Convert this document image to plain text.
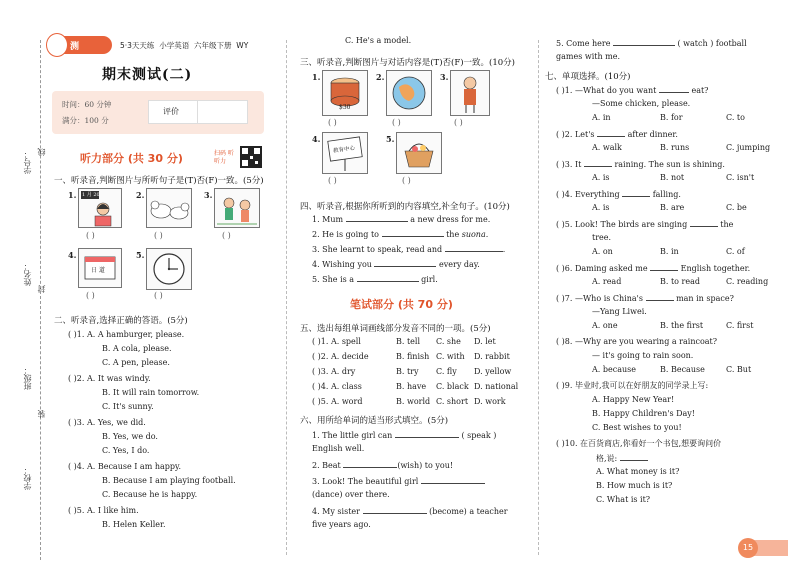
学号：
姓名：
班级：
学校：
线
封
装
测评卷
5·3天天练 小学英语 六年级下册 WY
期末测试(二)
时间：60 分钟
满分：100 分
评价
听力部分 (共 30 分)	扫码 听听力
一、听录音,判断图片与所听句子是(T)否(F)一致。(5分)
1. 1 月 20
( )
2.
( )
3.
( )
4.
日 道
( )
5.
( )
二、听录音,选择正确的答语。(5分)
( )1. A. A hamburger, please.
B. A cola, please.
C. A pen, please.
( )2. A. It was windy.
B. It will rain tomorrow.
C. It's sunny.
( )3. A. Yes, we did.
B. Yes, we do.
C. Yes, I do.
( )4. A. Because I am happy.
B. Because I am playing football.
C. Because he is happy.
( )5. A. I like him.
B. Helen Keller.
C. He's a model.
三、听录音,判断图片与对话内容是(T)否(F)一致。(10分)
1.
$30
( )
2.
( )
3.
( )
4.
教育中心
( )
5.
( )
四、听录音,根据你所听到的内容填空,补全句子。(10分)
1. Mum	a new dress for me.
2. He is going to	the suona.
3. She learnt to speak, read and	.
4. Wishing you	every day.
5. She is a	girl.
笔试部分 (共 70 分)
五、选出每组单词画线部分发音不同的一项。(5分)
( )1. A. spell	B. tell C. she D. let
( )2. A. decide	B. finish C. with D. rabbit
( )3. A. dry	B. try C. fly D. yellow
( )4. A. class	B. have C. black D. national
( )5. A. word	B. world C. short D. work
六、用所给单词的适当形式填空。(5分)
1. The little girl can	( speak )
English well.
2. Beat	(wish) to you!
3. Look! The beautiful girl
(dance) over there.
4. My sister	(become) a teacher
five years ago.
5. Come here	( watch ) football
games with me.
七、单项选择。(10分)
( )1. —What do you want	eat?
—Some chicken, please.
A. in	B. for	C. to
( )2. Let's	after dinner.
A. walk	B. runs	C. jumping
( )3. It	raining. The sun is shining.
A. is	B. not	C. isn't
( )4. Everything	falling.
A. is	B. are	C. be
( )5. Look! The birds are singing	the
tree.
A. on	B. in	C. of
( )6. Daming asked me	English together.
A. read	B. to read	C. reading
( )7. —Who is China's	man in space?
—Yang Liwei.
A. one	B. the first	C. first
( )8. —Why are you wearing a raincoat?
— it's going to rain soon.
A. because	B. Because	C. But
( )9. 毕业时,我可以在好朋友的同学录上写:
A. Happy New Year!
B. Happy Children's Day!
C. Best wishes to you!
( )10. 在百货商店,你看好一个书包,想要询问价
格,说:
A. What money is it?
B. How much is it?
C. What is it?
15
